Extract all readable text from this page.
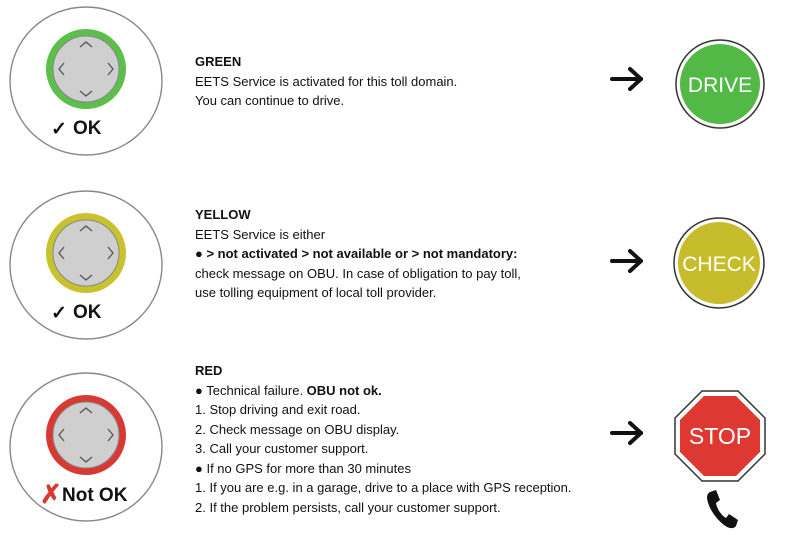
✓ OK
GREEN
EETS Service is activated for this toll domain.
You can continue to drive.
DRIVE
✓ OK
YELLOW
EETS Service is either
● > not activated > not available or > not mandatory:
check message on OBU. In case of obligation to pay toll,
use tolling equipment of local toll provider.
CHECK
✗ Not OK
RED
● Technical failure. OBU not ok.
1. Stop driving and exit road.
2. Check message on OBU display.
3. Call your customer support.
● If no GPS for more than 30 minutes
1. If you are e.g. in a garage, drive to a place with GPS reception.
2. If the problem persists, call your customer support.
STOP
